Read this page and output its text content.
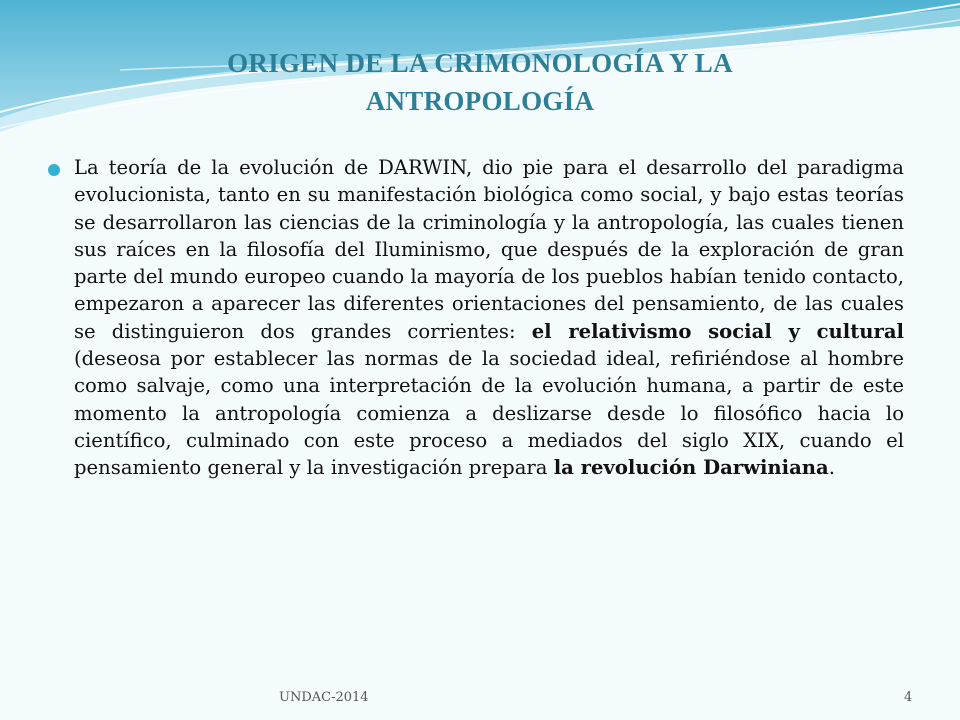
ORIGEN DE LA CRIMONOLOGÍA Y LA
ANTROPOLOGÍA

La teoría de la evolución de DARWIN, dio pie para el desarrollo del paradigma evolucionista, tanto en su manifestación biológica como social, y bajo estas teorías se desarrollaron las ciencias de la criminología y la antropología, las cuales tienen sus raíces en la filosofía del Iluminismo, que después de la exploración de gran parte del mundo europeo cuando la mayoría de los pueblos habían tenido contacto, empezaron a aparecer las diferentes orientaciones del pensamiento, de las cuales se distinguieron dos grandes corrientes: el relativismo social y cultural (deseosa por establecer las normas de la sociedad ideal, refiriéndose al hombre como salvaje, como una interpretación de la evolución humana, a partir de este momento la antropología comienza a deslizarse desde lo filosófico hacia lo científico, culminado con este proceso a mediados del siglo XIX, cuando el pensamiento general y la investigación prepara la revolución Darwiniana.

UNDAC-2014	4
